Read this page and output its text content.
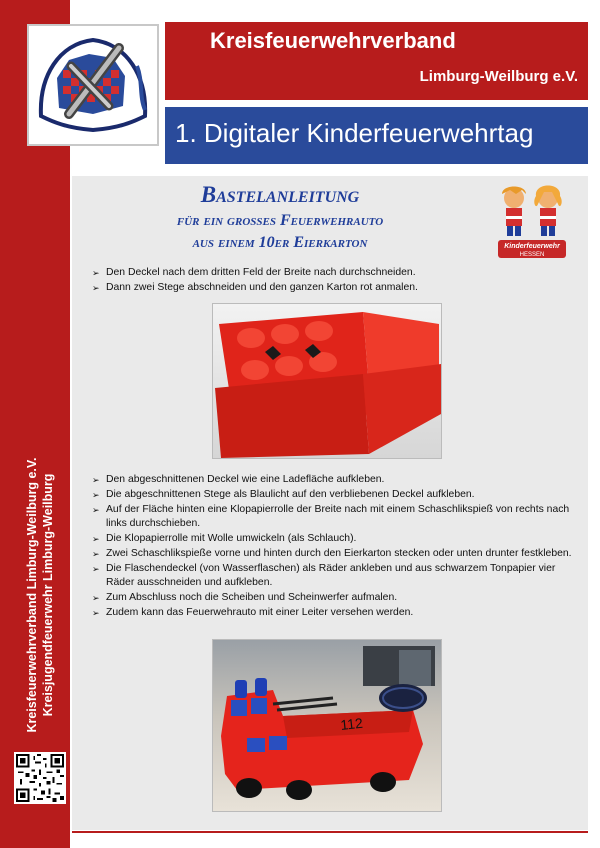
Kreisfeuerwehrverband Limburg-Weilburg e.V. Kreisjugendfeuerwehr Limburg-Weilburg
Kreisfeuerwehrverband
Limburg-Weilburg e.V.
1. Digitaler Kinderfeuerwehrtag
Bastelanleitung
für ein grosses Feuerwehrauto
aus einem 10er Eierkarton	Kinderfeuerwehr
HESSEN
➢ Den Deckel nach dem dritten Feld der Breite nach durchschneiden.
➢ Dann zwei Stege abschneiden und den ganzen Karton rot anmalen.
➢ Den abgeschnittenen Deckel wie eine Ladefläche aufkleben.
➢ Die abgeschnittenen Stege als Blaulicht auf den verbliebenen Deckel aufkleben.
➢ Auf der Fläche hinten eine Klopapierrolle der Breite nach mit einem Schaschlikspieß von rechts nach links durchschieben.
➢ Die Klopapierrolle mit Wolle umwickeln (als Schlauch).
➢ Zwei Schaschlikspieße vorne und hinten durch den Eierkarton stecken oder unten drunter festkleben.
➢ Die Flaschendeckel (von Wasserflaschen) als Räder ankleben und aus schwarzem Tonpapier vier Räder ausschneiden und aufkleben.
➢ Zum Abschluss noch die Scheiben und Scheinwerfer aufmalen.
➢ Zudem kann das Feuerwehrauto mit einer Leiter versehen werden.
112
